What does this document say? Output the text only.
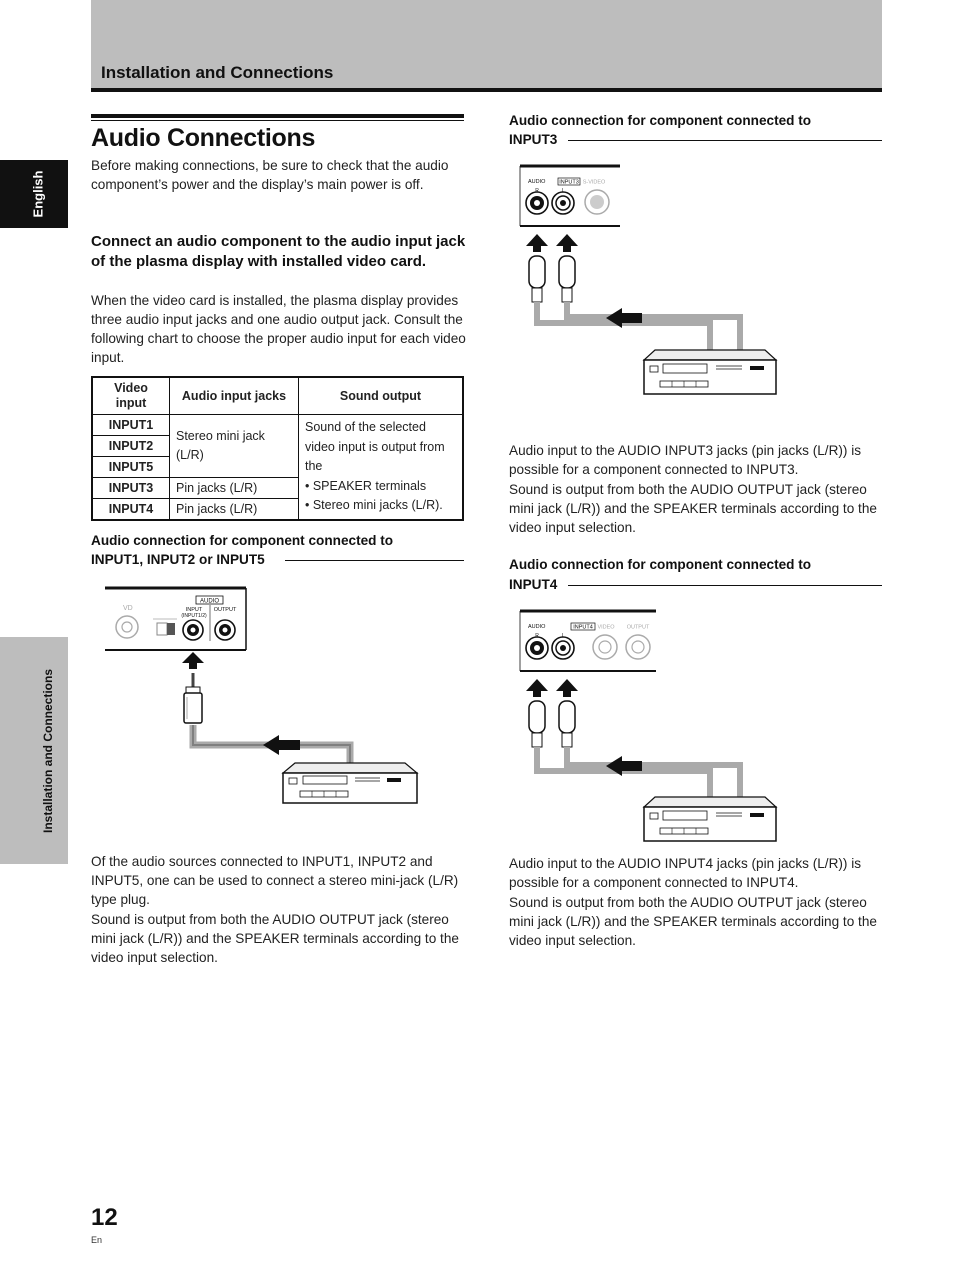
Installation and Connections
English
Installation and Connections
Audio Connections
Before making connections, be sure to check that the audio component’s power and the display’s main power is off.
Connect an audio component to the audio input jack of the plasma display with installed video card.
When the video card is installed, the plasma display provides three audio input jacks and one audio output jack. Consult the following chart to choose the proper audio input for each video input.
Video input	Audio input jacks	Sound output
INPUT1	Stereo mini jack (L/R)	Sound of the selected video input is output from the
• SPEAKER terminals
• Stereo mini jacks (L/R).

INPUT2		
INPUT5		
INPUT3	Pin jacks (L/R)	
INPUT4	Pin jacks (L/R)	
Audio connection for component connected to
INPUT1, INPUT2 or INPUT5
VD
AUDIO
INPUT
(INPUT1/2)
OUTPUT
Of the audio sources connected to INPUT1, INPUT2 and INPUT5, one can be used to connect a stereo mini-jack (L/R) type plug.
Sound is output from both the AUDIO OUTPUT jack (stereo mini jack (L/R)) and the SPEAKER terminals according to the video input selection.
Audio connection for component connected to
INPUT3
AUDIO	INPUT3 S-VIDEO
R	L
Audio input to the AUDIO INPUT3 jacks (pin jacks (L/R)) is possible for a component connected to INPUT3.
Sound is output from both the AUDIO OUTPUT jack (stereo mini jack (L/R)) and the SPEAKER terminals according to the video input selection.
Audio connection for component connected to
INPUT4
AUDIO	INPUT4 VIDEO OUTPUT
R	L
Audio input to the AUDIO INPUT4 jacks (pin jacks (L/R)) is possible for a component connected to INPUT4.
Sound is output from both the AUDIO OUTPUT jack (stereo mini jack (L/R)) and the SPEAKER terminals according to the video input selection.
12
En
